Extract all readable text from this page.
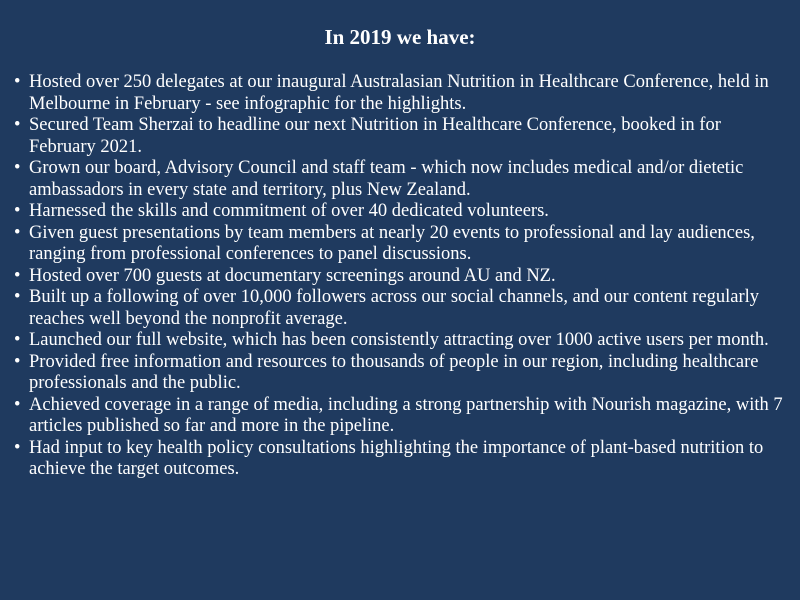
In 2019 we have:
• Hosted over 250 delegates at our inaugural Australasian Nutrition in Healthcare Conference, held in Melbourne in February - see infographic for the highlights.
• Secured Team Sherzai to headline our next Nutrition in Healthcare Conference, booked in for February 2021.
• Grown our board, Advisory Council and staff team - which now includes medical and/or dietetic ambassadors in every state and territory, plus New Zealand.
• Harnessed the skills and commitment of over 40 dedicated volunteers.
• Given guest presentations by team members at nearly 20 events to professional and lay audiences, ranging from professional conferences to panel discussions.
• Hosted over 700 guests at documentary screenings around AU and NZ.
• Built up a following of over 10,000 followers across our social channels, and our content regularly reaches well beyond the nonprofit average.
• Launched our full website, which has been consistently attracting over 1000 active users per month.
• Provided free information and resources to thousands of people in our region, including healthcare professionals and the public.
• Achieved coverage in a range of media, including a strong partnership with Nourish magazine, with 7 articles published so far and more in the pipeline.
• Had input to key health policy consultations highlighting the importance of plant-based nutrition to achieve the target outcomes.
